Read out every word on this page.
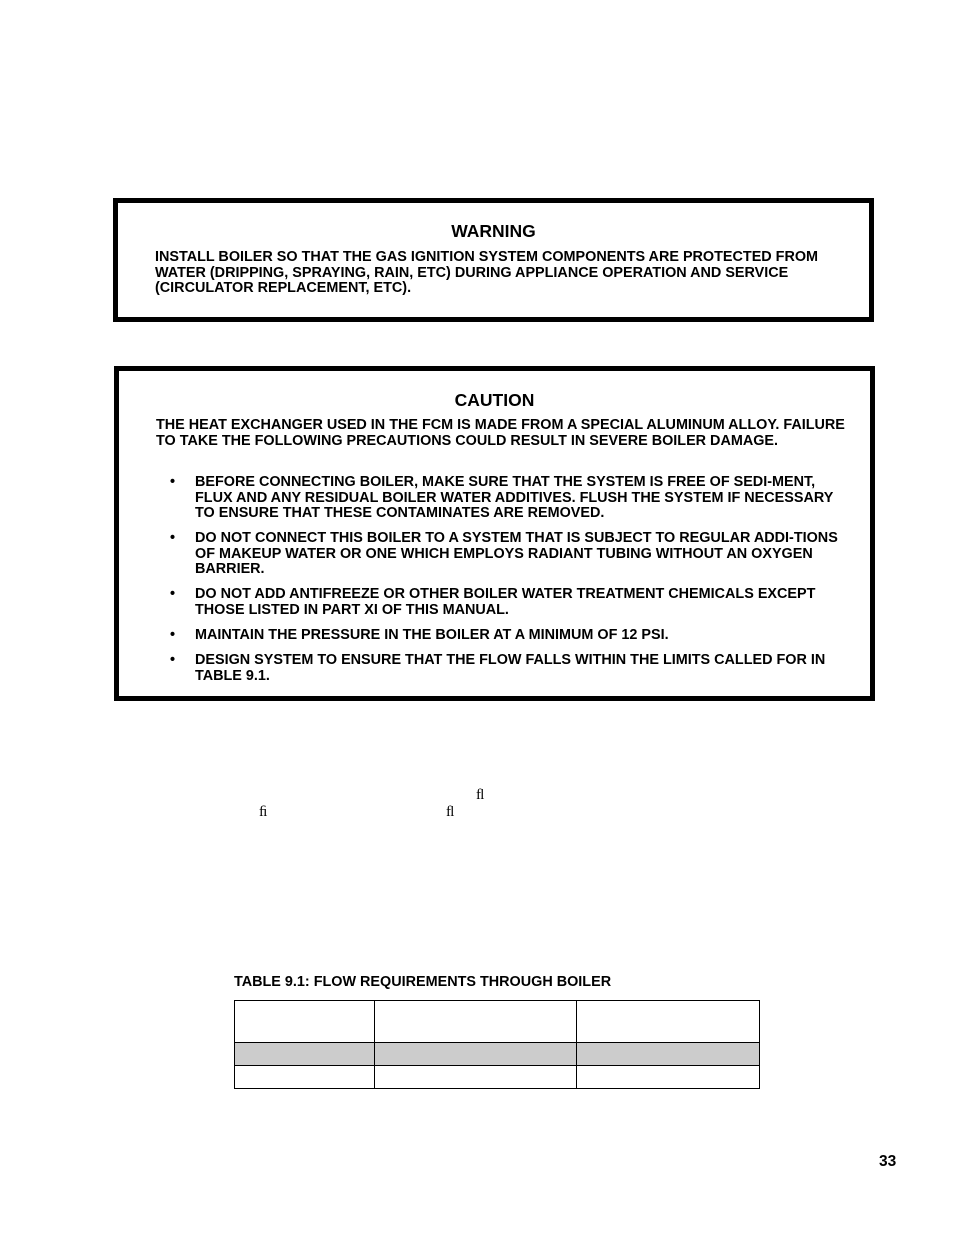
WARNING
INSTALL BOILER SO THAT THE GAS IGNITION SYSTEM COMPONENTS ARE PROTECTED FROM WATER (DRIPPING, SPRAYING, RAIN, ETC) DURING APPLIANCE OPERATION AND SERVICE (CIRCULATOR REPLACEMENT, ETC).
CAUTION
THE HEAT EXCHANGER USED IN THE FCM IS MADE FROM A SPECIAL ALUMINUM ALLOY. FAILURE TO TAKE THE FOLLOWING PRECAUTIONS COULD RESULT IN SEVERE BOILER DAMAGE.
• BEFORE CONNECTING BOILER, MAKE SURE THAT THE SYSTEM IS FREE OF SEDI-MENT, FLUX AND ANY RESIDUAL BOILER WATER ADDITIVES. FLUSH THE SYSTEM IF NECESSARY TO ENSURE THAT THESE CONTAMINATES ARE REMOVED.
• DO NOT CONNECT THIS BOILER TO A SYSTEM THAT IS SUBJECT TO REGULAR ADDI-TIONS OF MAKEUP WATER OR ONE WHICH EMPLOYS RADIANT TUBING WITHOUT AN OXYGEN BARRIER.
• DO NOT ADD ANTIFREEZE OR OTHER BOILER WATER TREATMENT CHEMICALS EXCEPT THOSE LISTED IN PART XI OF THIS MANUAL.
• MAINTAIN THE PRESSURE IN THE BOILER AT A MINIMUM OF 12 PSI.
• DESIGN SYSTEM TO ENSURE THAT THE FLOW FALLS WITHIN THE LIMITS CALLED FOR IN TABLE 9.1.
ﬂ
ﬁ	ﬂ
TABLE 9.1: FLOW REQUIREMENTS THROUGH BOILER

33
